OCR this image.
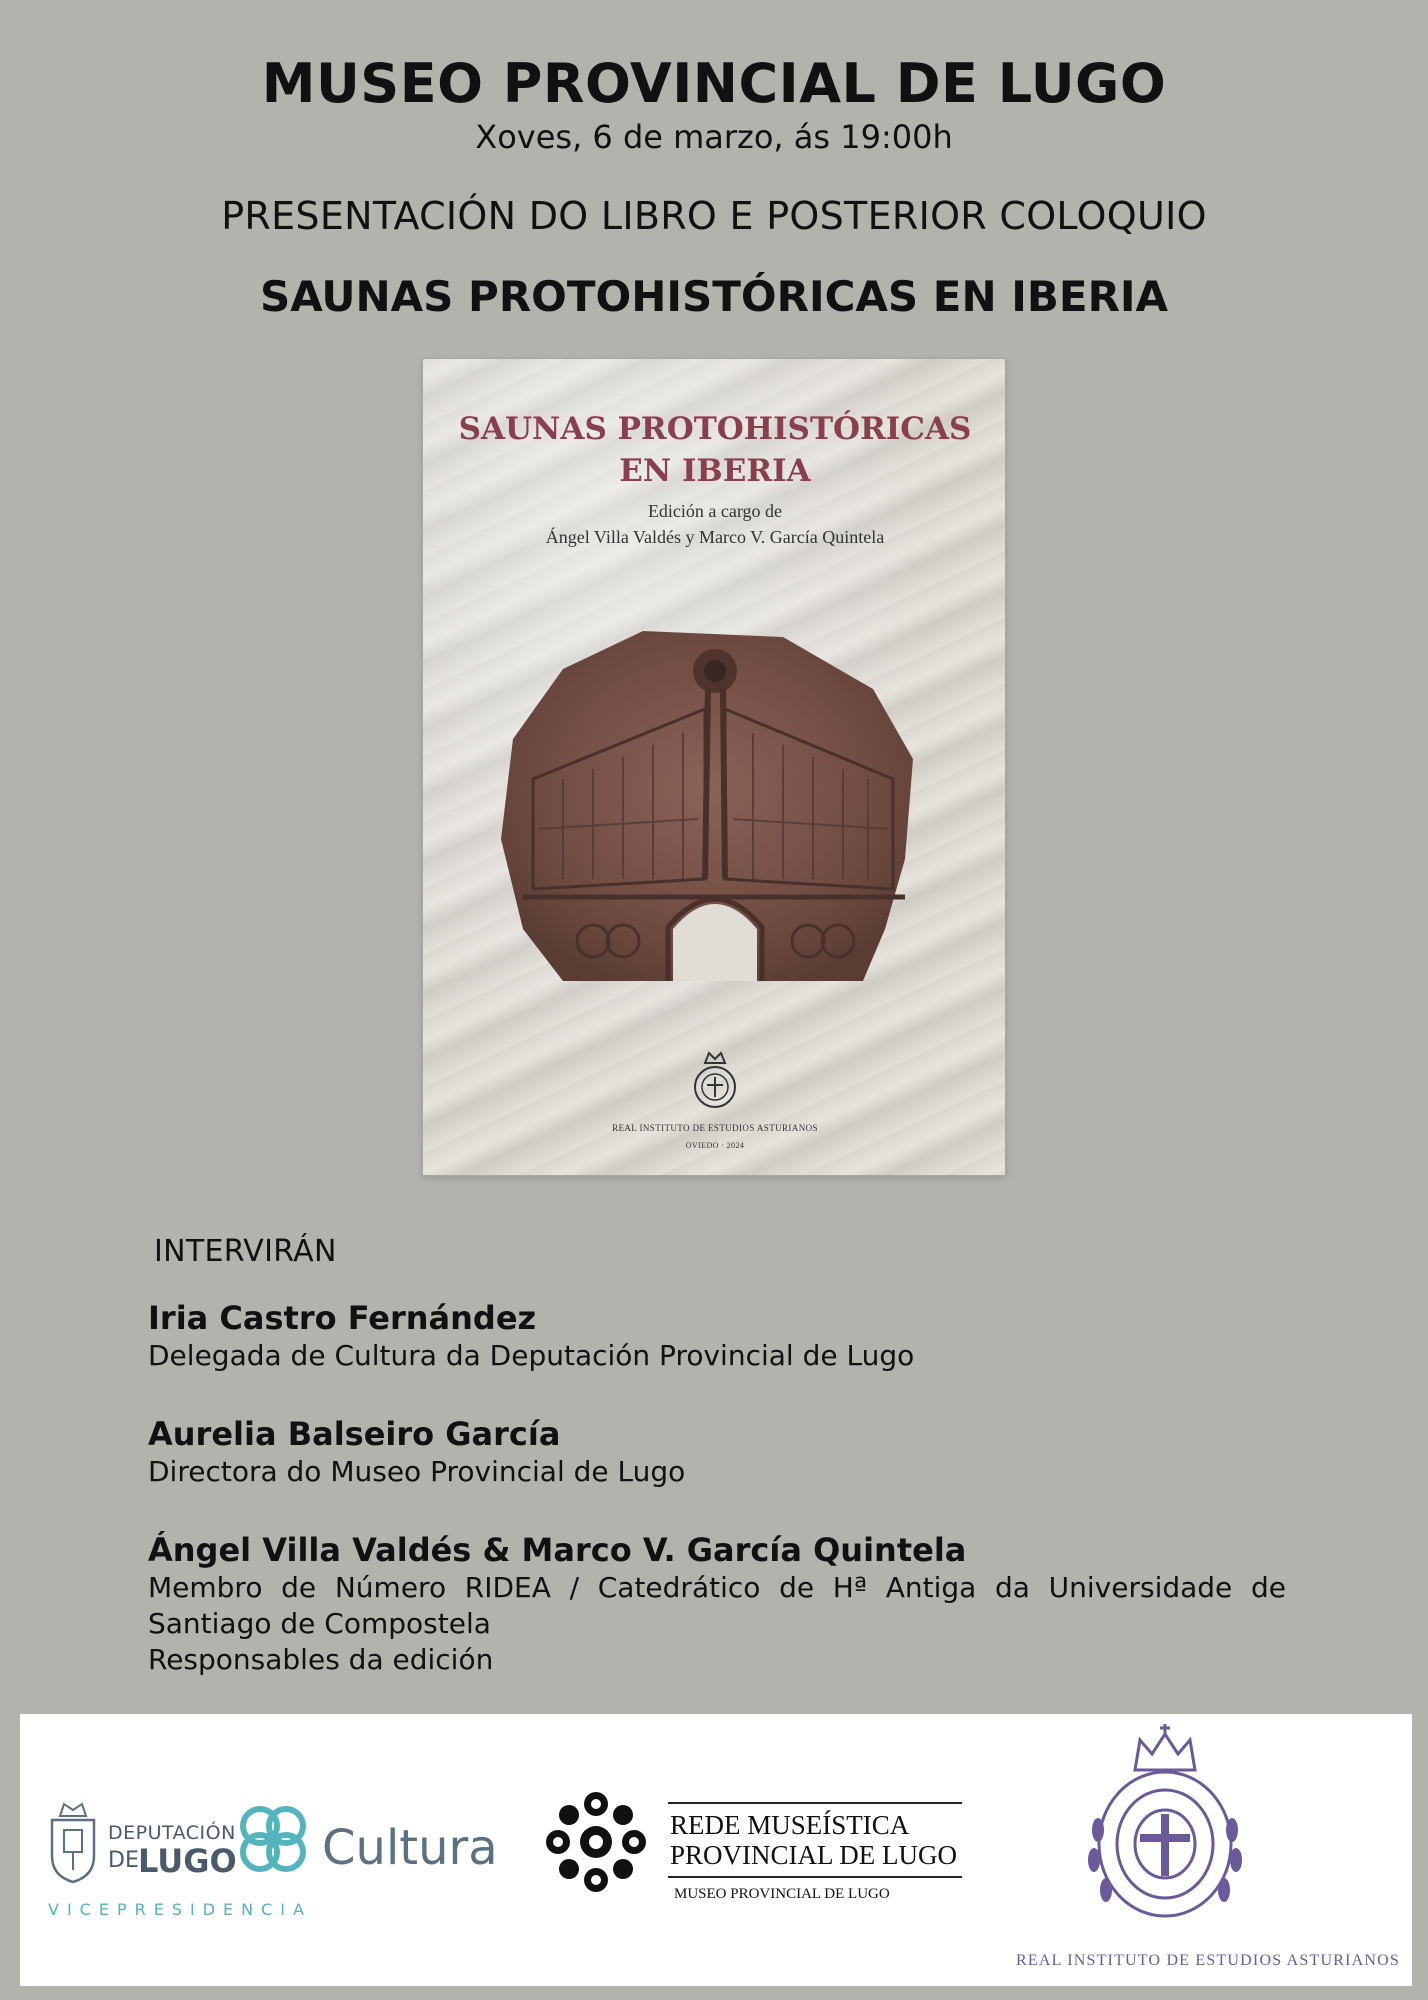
MUSEO PROVINCIAL DE LUGO
Xoves, 6 de marzo, ás 19:00h
PRESENTACIÓN DO LIBRO E POSTERIOR COLOQUIO
SAUNAS PROTOHISTÓRICAS EN IBERIA
SAUNAS PROTOHISTÓRICAS
EN IBERIA
Edición a cargo de
Ángel Villa Valdés y Marco V. García Quintela
REAL INSTITUTO DE ESTUDIOS ASTURIANOS
OVIEDO · 2024
INTERVIRÁN
Iria Castro Fernández
Delegada de Cultura da Deputación Provincial de Lugo
Aurelia Balseiro García
Directora do Museo Provincial de Lugo
Ángel Villa Valdés & Marco V. García Quintela
Membro de Número RIDEA / Catedrático de Hª Antiga da Universidade de Santiago de Compostela
Responsables da edición
DEPUTACIÓN
DE LUGO Cultura
VICEPRESIDENCIA
REDE MUSEÍSTICA
PROVINCIAL DE LUGO
MUSEO PROVINCIAL DE LUGO
REAL INSTITUTO DE ESTUDIOS ASTURIANOS
